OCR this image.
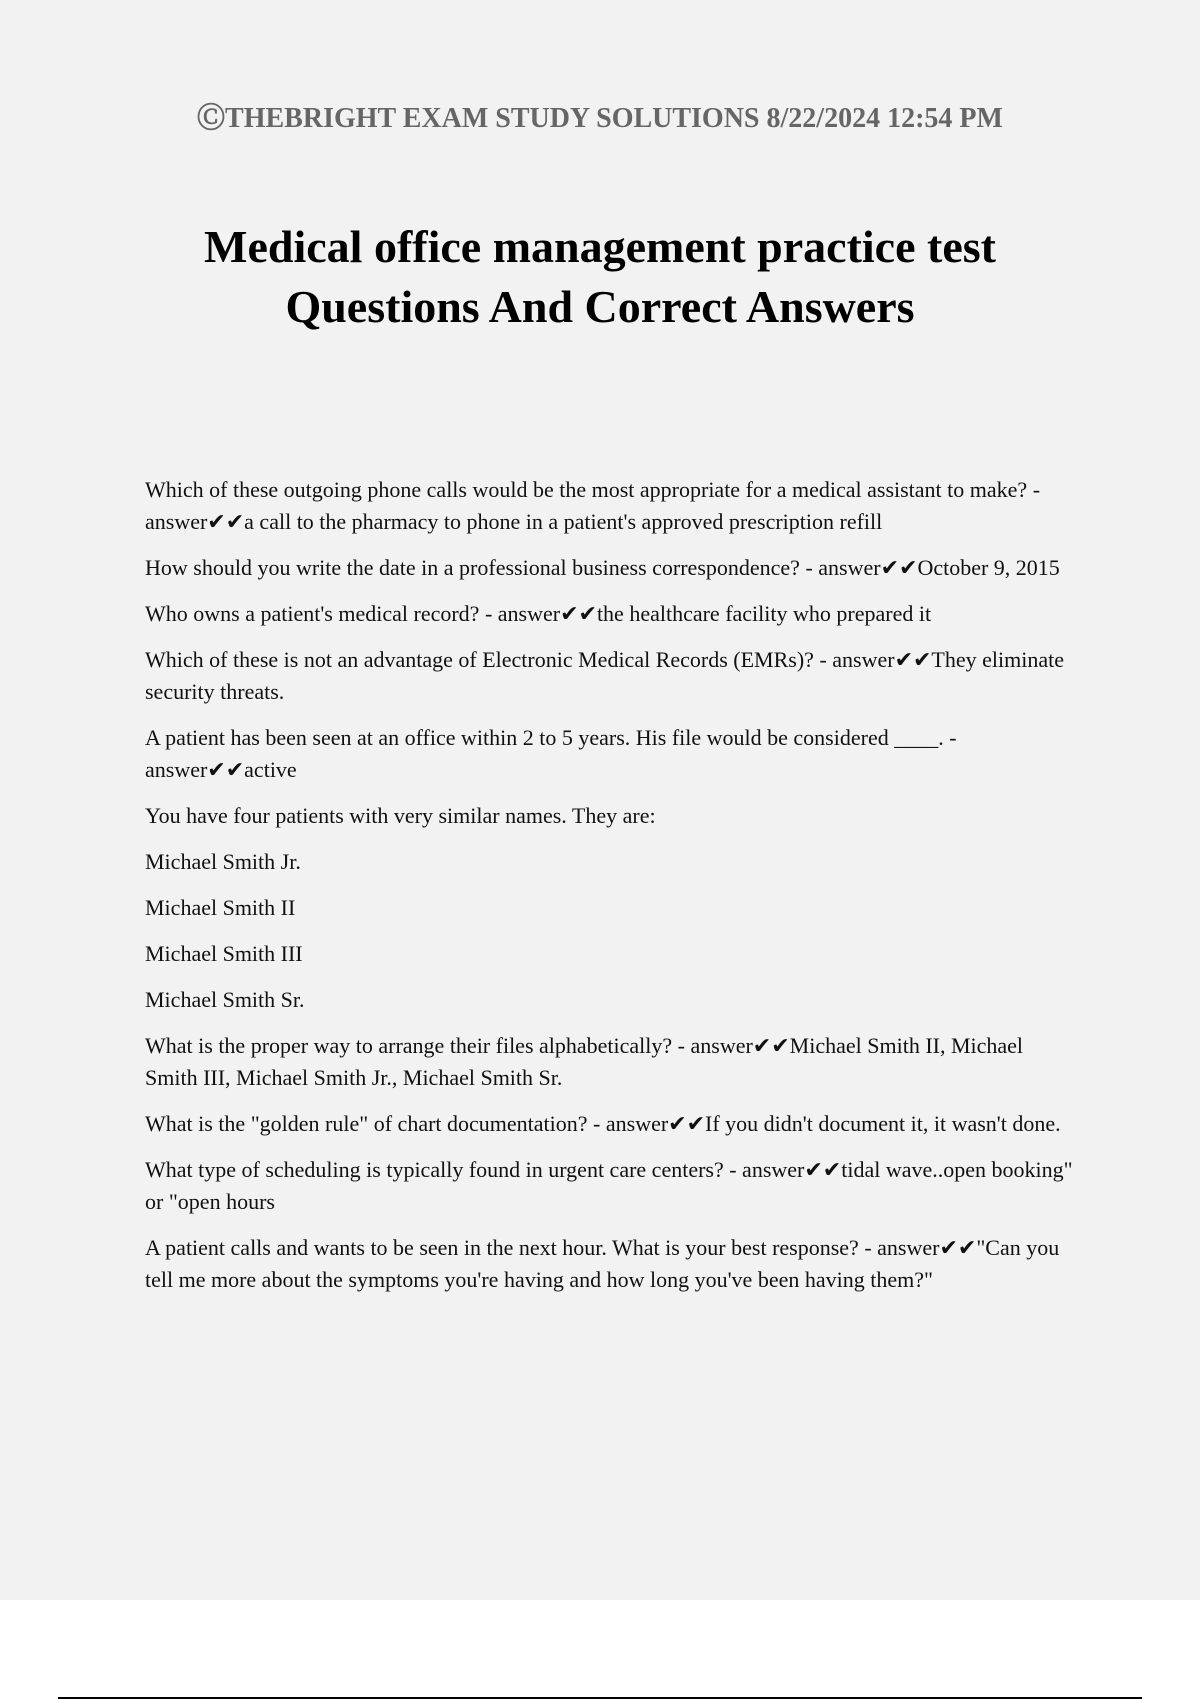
ⒸTHEBRIGHT EXAM STUDY SOLUTIONS 8/22/2024 12:54 PM
Medical office management practice test
Questions And Correct Answers

Which of these outgoing phone calls would be the most appropriate for a medical assistant to make? - answer✔✔a call to the pharmacy to phone in a patient's approved prescription refill

How should you write the date in a professional business correspondence? - answer✔✔October 9, 2015

Who owns a patient's medical record? - answer✔✔the healthcare facility who prepared it

Which of these is not an advantage of Electronic Medical Records (EMRs)? - answer✔✔They eliminate security threats.

A patient has been seen at an office within 2 to 5 years. His file would be considered ____. - answer✔✔active

You have four patients with very similar names. They are:

Michael Smith Jr.

Michael Smith II

Michael Smith III

Michael Smith Sr.

What is the proper way to arrange their files alphabetically? - answer✔✔Michael Smith II, Michael Smith III, Michael Smith Jr., Michael Smith Sr.

What is the "golden rule" of chart documentation? - answer✔✔If you didn't document it, it wasn't done.

What type of scheduling is typically found in urgent care centers? - answer✔✔tidal wave..open booking" or "open hours

A patient calls and wants to be seen in the next hour. What is your best response? - answer✔✔"Can you tell me more about the symptoms you're having and how long you've been having them?"
